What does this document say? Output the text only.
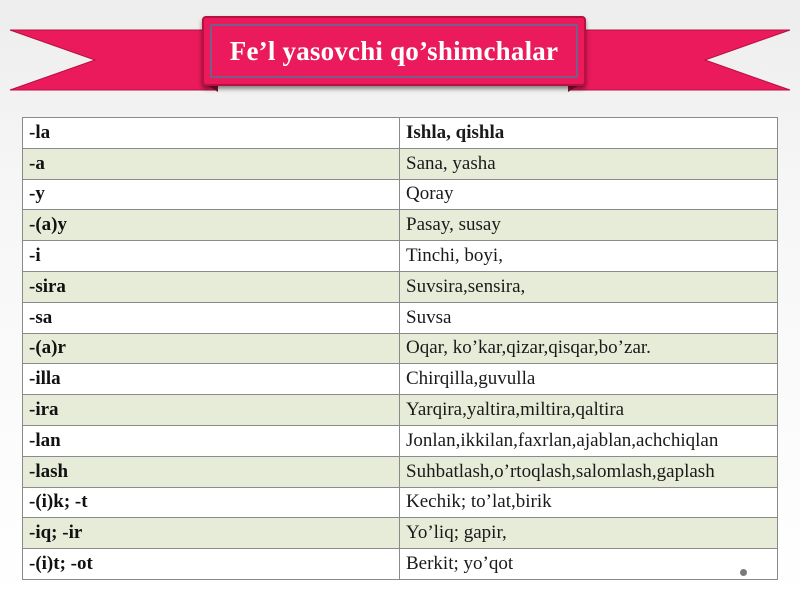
Fe’l yasovchi qo’shimchalar
-la	Ishla, qishla
-a	Sana, yasha
-y	Qoray
-(a)y	Pasay, susay
-i	Tinchi, boyi,
-sira	Suvsira,sensira,
-sa	Suvsa
-(a)r	Oqar, ko’kar,qizar,qisqar,bo’zar.
-illa	Chirqilla,guvulla
-ira	Yarqira,yaltira,miltira,qaltira
-lan	Jonlan,ikkilan,faxrlan,ajablan,achchiqlan
-lash	Suhbatlash,o’rtoqlash,salomlash,gaplash
-(i)k; -t	Kechik; to’lat,birik
-iq; -ir	Yo’liq; gapir,
-(i)t; -ot	Berkit; yo’qot
